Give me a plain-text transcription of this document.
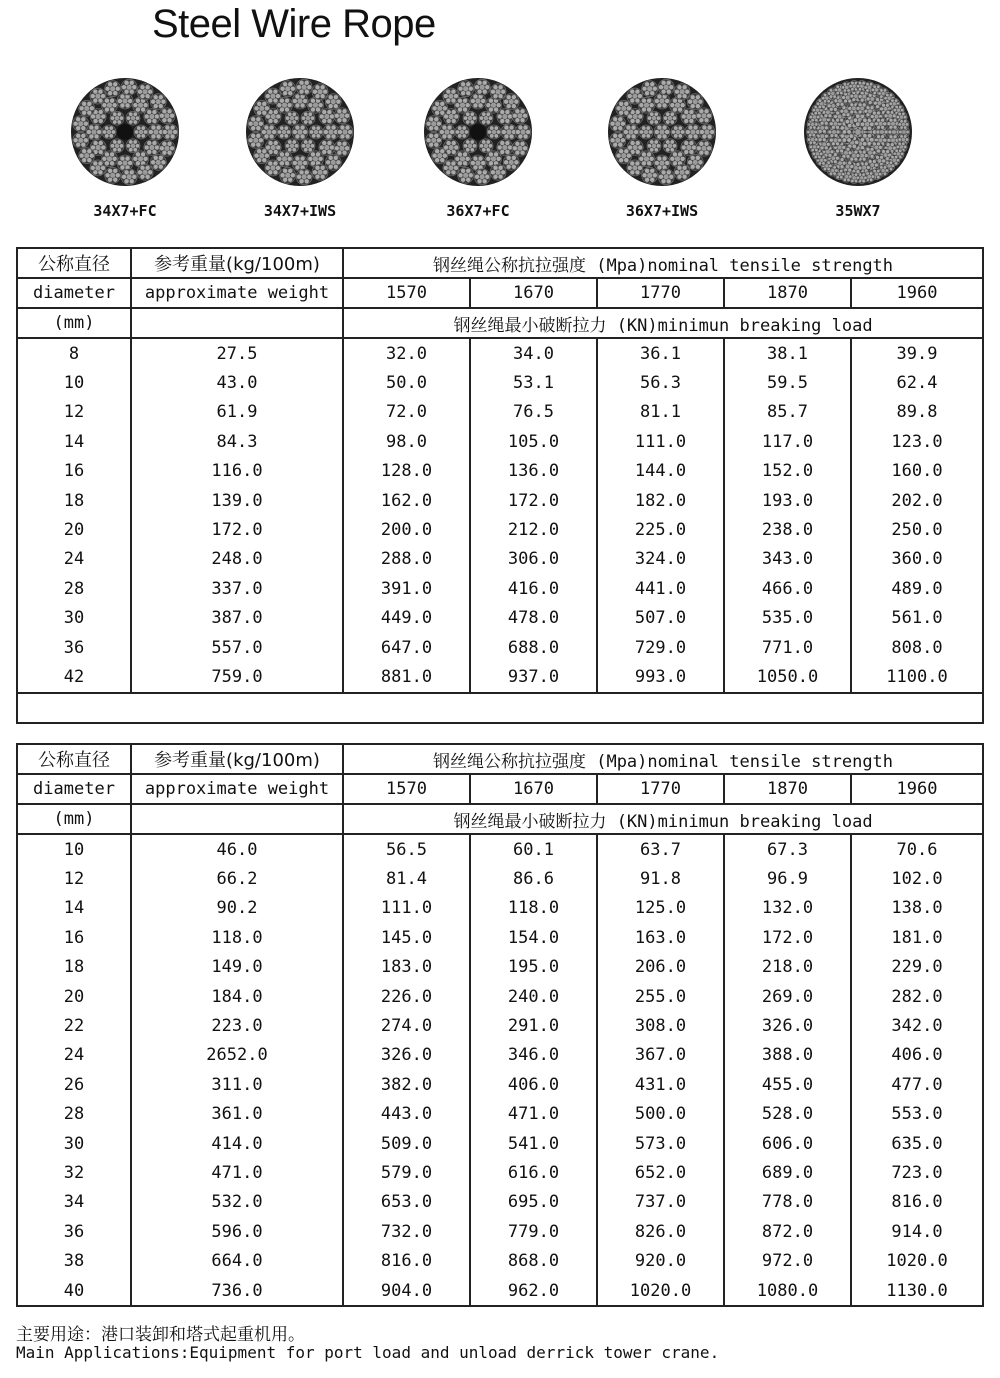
Steel Wire Rope
34X7+FC	34X7+IWS	36X7+FC	36X7+IWS	35WX7
公称直径	参考重量(kg/100m)	钢丝绳公称抗拉强度 (Mpa)nominal tensile strength				
diameter	approximate weight	1570	1670	1770	1870	1960
(mm)		钢丝绳最小破断拉力 (KN)minimun breaking load				
8	27.5	32.0	34.0	36.1	38.1	39.9
10	43.0	50.0	53.1	56.3	59.5	62.4
12	61.9	72.0	76.5	81.1	85.7	89.8
14	84.3	98.0	105.0	111.0	117.0	123.0
16	116.0	128.0	136.0	144.0	152.0	160.0
18	139.0	162.0	172.0	182.0	193.0	202.0
20	172.0	200.0	212.0	225.0	238.0	250.0
24	248.0	288.0	306.0	324.0	343.0	360.0
28	337.0	391.0	416.0	441.0	466.0	489.0
30	387.0	449.0	478.0	507.0	535.0	561.0
36	557.0	647.0	688.0	729.0	771.0	808.0
42	759.0	881.0	937.0	993.0	1050.0	1100.0

公称直径	参考重量(kg/100m)	钢丝绳公称抗拉强度 (Mpa)nominal tensile strength				
diameter	approximate weight	1570	1670	1770	1870	1960
(mm)		钢丝绳最小破断拉力 (KN)minimun breaking load				
10	46.0	56.5	60.1	63.7	67.3	70.6
12	66.2	81.4	86.6	91.8	96.9	102.0
14	90.2	111.0	118.0	125.0	132.0	138.0
16	118.0	145.0	154.0	163.0	172.0	181.0
18	149.0	183.0	195.0	206.0	218.0	229.0
20	184.0	226.0	240.0	255.0	269.0	282.0
22	223.0	274.0	291.0	308.0	326.0	342.0
24	2652.0	326.0	346.0	367.0	388.0	406.0
26	311.0	382.0	406.0	431.0	455.0	477.0
28	361.0	443.0	471.0	500.0	528.0	553.0
30	414.0	509.0	541.0	573.0	606.0	635.0
32	471.0	579.0	616.0	652.0	689.0	723.0
34	532.0	653.0	695.0	737.0	778.0	816.0
36	596.0	732.0	779.0	826.0	872.0	914.0
38	664.0	816.0	868.0	920.0	972.0	1020.0
40	736.0	904.0	962.0	1020.0	1080.0	1130.0
主要用途：港口装卸和塔式起重机用。
Main Applications:Equipment for port load and unload derrick tower crane.
